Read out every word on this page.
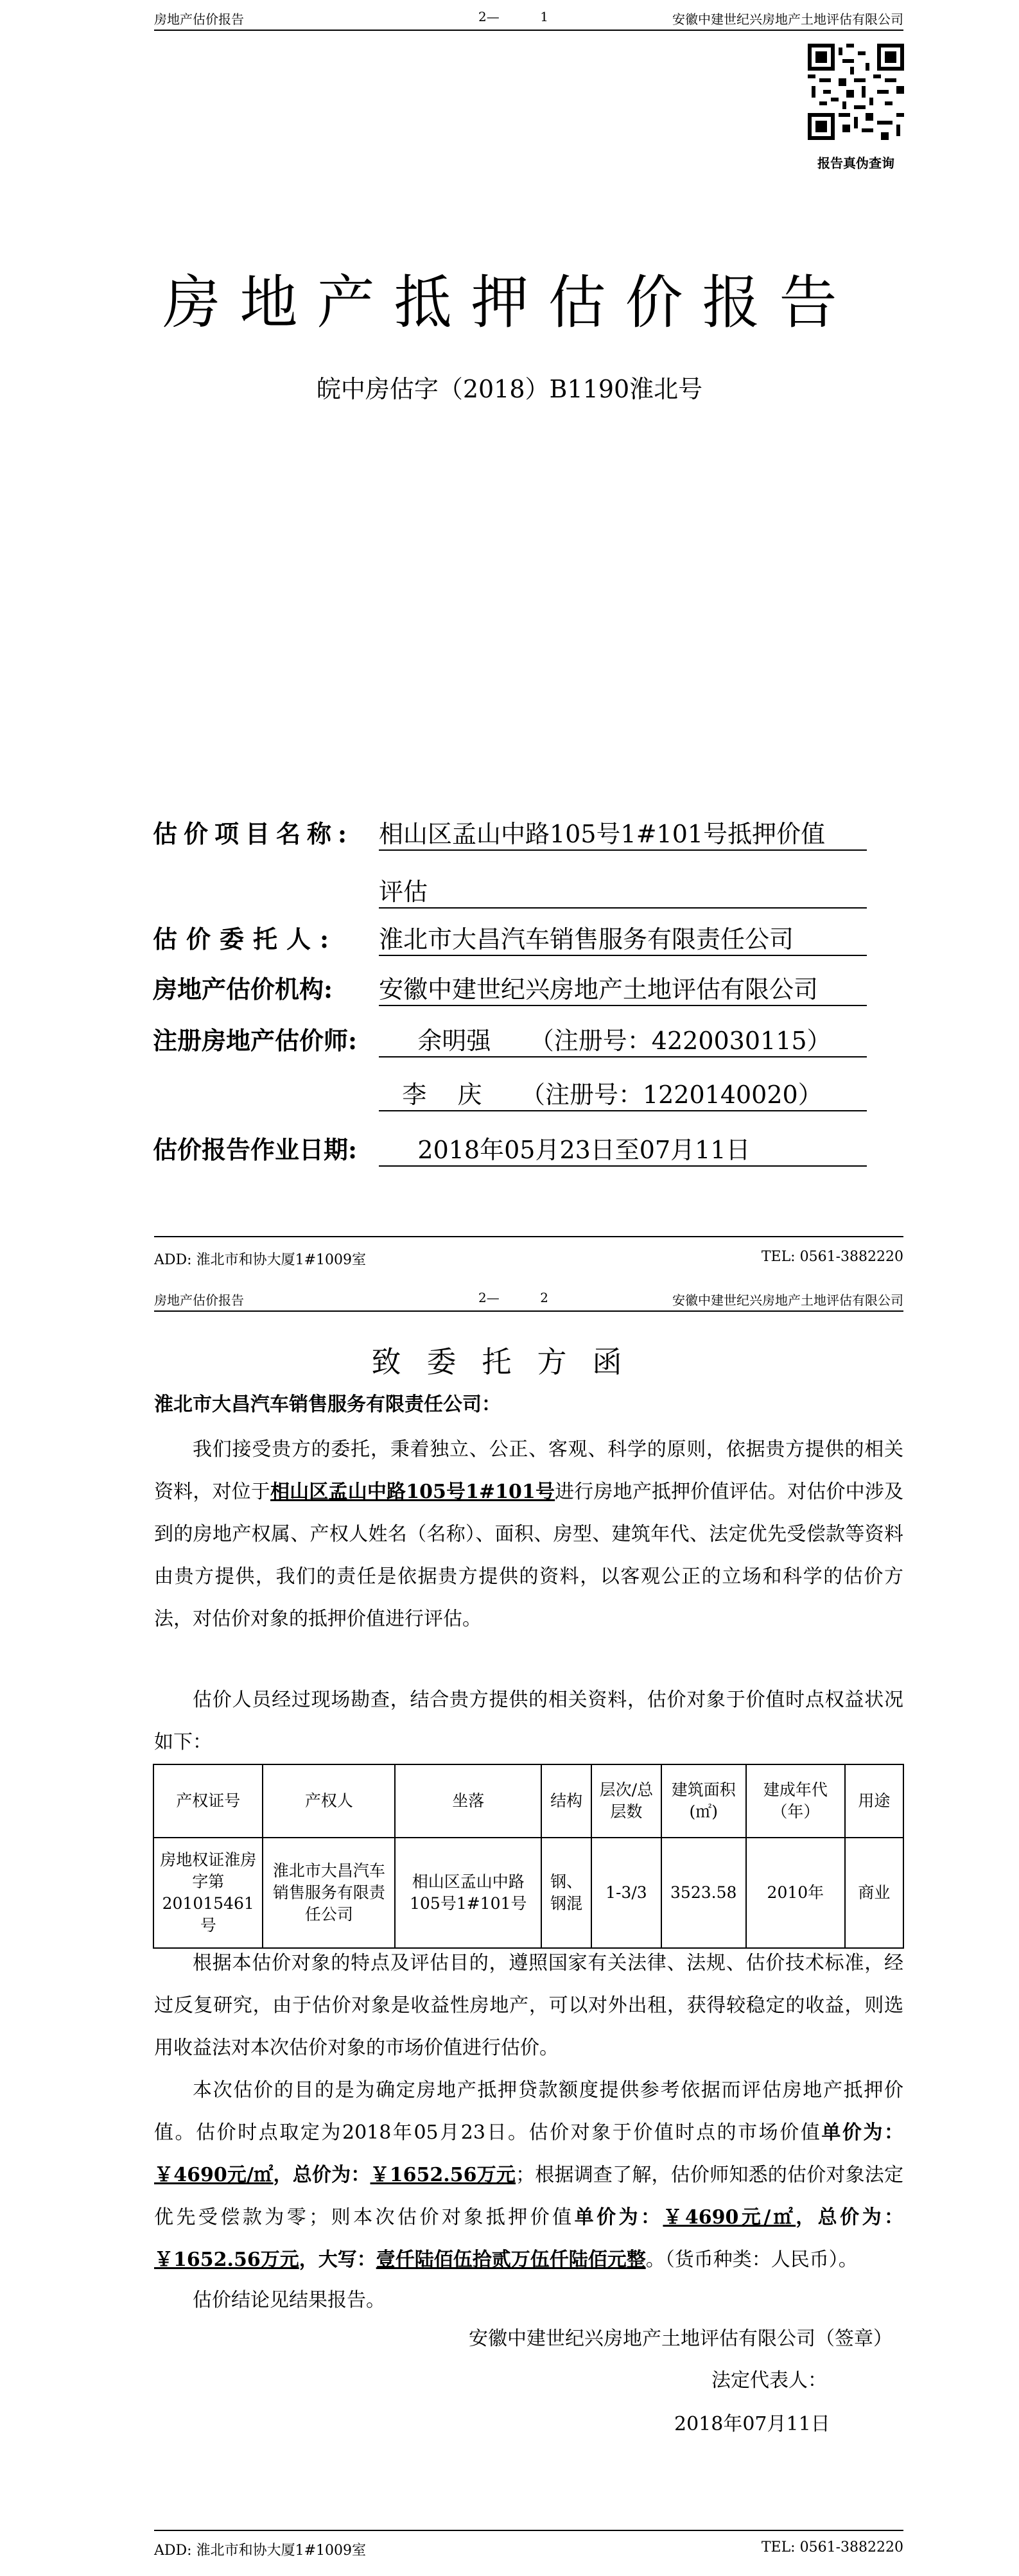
房地产估价报告	2—          1	安徽中建世纪兴房地产土地评估有限公司
报告真伪查询
房地产抵押估价报告
皖中房估字（2018）B1190淮北号
估价项目名称: 相山区孟山中路105号1#101号抵押价值
评估
估价委托人: 淮北市大昌汽车销售服务有限责任公司
房地产估价机构: 安徽中建世纪兴房地产土地评估有限公司
注册房地产估价师: 余明强     （注册号：4220030115）
李    庆     （注册号：1220140020）
估价报告作业日期: 2018年05月23日至07月11日
ADD: 淮北市和协大厦1#1009室	TEL: 0561-3882220
房地产估价报告	2—          2	安徽中建世纪兴房地产土地评估有限公司
致委托方函
淮北市大昌汽车销售服务有限责任公司：
我们接受贵方的委托，秉着独立、公正、客观、科学的原则，依据贵方提供的相关资料，对位于相山区孟山中路105号1#101号进行房地产抵押价值评估。对估价中涉及到的房地产权属、产权人姓名（名称）、面积、房型、建筑年代、法定优先受偿款等资料由贵方提供，我们的责任是依据贵方提供的资料，以客观公正的立场和科学的估价方法，对估价对象的抵押价值进行评估。
估价人员经过现场勘查，结合贵方提供的相关资料，估价对象于价值时点权益状况如下：
产权证号	产权人	坐落	结构	层次/总层数	建筑面积(㎡)	建成年代（年）	用途
房地权证淮房字第201015461号	淮北市大昌汽车销售服务有限责任公司	相山区孟山中路105号1#101号	钢、钢混	1-3/3	3523.58	2010年	商业
根据本估价对象的特点及评估目的，遵照国家有关法律、法规、估价技术标准，经过反复研究，由于估价对象是收益性房地产，可以对外出租，获得较稳定的收益，则选用收益法对本次估价对象的市场价值进行估价。
本次估价的目的是为确定房地产抵押贷款额度提供参考依据而评估房地产抵押价值。估价时点取定为2018年05月23日。估价对象于价值时点的市场价值单价为：￥4690元/㎡，总价为：￥1652.56万元；根据调查了解，估价师知悉的估价对象法定优先受偿款为零；则本次估价对象抵押价值单价为：￥4690元/㎡，总价为：￥1652.56万元，大写：壹仟陆佰伍拾贰万伍仟陆佰元整。（货币种类：人民币）。
估价结论见结果报告。
安徽中建世纪兴房地产土地评估有限公司（签章）
法定代表人：
2018年07月11日
ADD: 淮北市和协大厦1#1009室	TEL: 0561-3882220
